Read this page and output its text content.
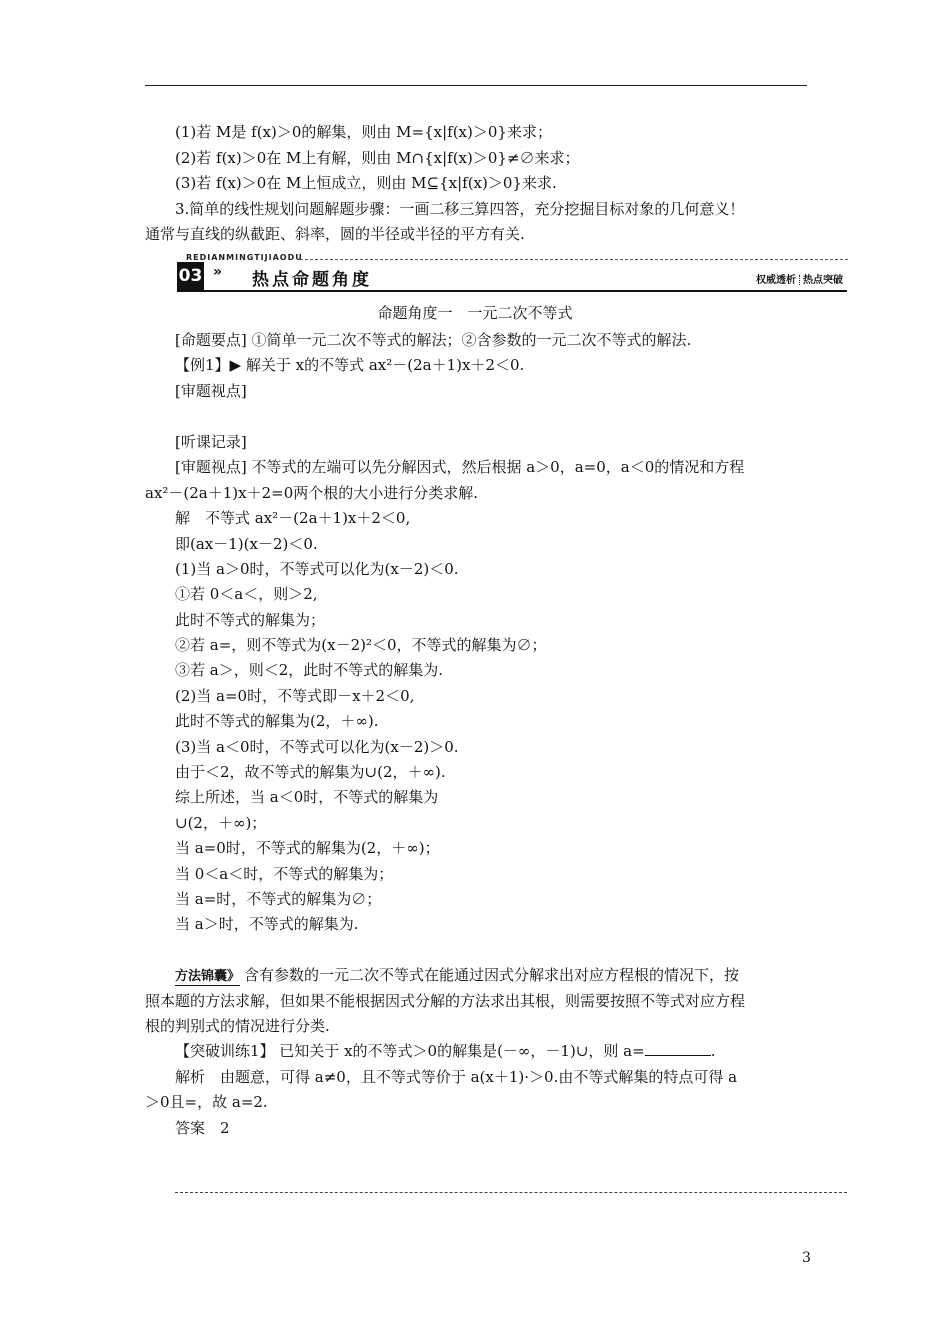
(1)若 M是 f(x)＞0的解集，则由 M={x|f(x)＞0}来求；
(2)若 f(x)＞0在 M上有解，则由 M∩{x|f(x)＞0}≠∅来求；
(3)若 f(x)＞0在 M上恒成立，则由 M⊆{x|f(x)＞0}来求.
3.简单的线性规划问题解题步骤：一画二移三算四答，充分挖掘目标对象的几何意义！
通常与直线的纵截距、斜率，圆的半径或半径的平方有关.
REDIANMINGTIJIAODU
03 » 热点命题角度	权威透析 热点突破
命题角度一　一元二次不等式
[命题要点] ①简单一元二次不等式的解法；②含参数的一元二次不等式的解法.
【例1】▶ 解关于 x的不等式 ax²－(2a＋1)x＋2＜0.
[审题视点]
[听课记录]
[审题视点] 不等式的左端可以先分解因式，然后根据 a＞0，a=0，a＜0的情况和方程
ax²－(2a＋1)x＋2=0两个根的大小进行分类求解.
解　不等式 ax²－(2a＋1)x＋2＜0,
即(ax－1)(x－2)＜0.
(1)当 a＞0时，不等式可以化为(x－2)＜0.
①若 0＜a＜，则＞2,
此时不等式的解集为；
②若 a=，则不等式为(x－2)²＜0，不等式的解集为∅；
③若 a＞，则＜2，此时不等式的解集为.
(2)当 a=0时，不等式即－x＋2＜0,
此时不等式的解集为(2，＋∞).
(3)当 a＜0时，不等式可以化为(x－2)＞0.
由于＜2，故不等式的解集为∪(2，＋∞).
综上所述，当 a＜0时，不等式的解集为
∪(2，＋∞)；
当 a=0时，不等式的解集为(2，＋∞)；
当 0＜a＜时，不等式的解集为；
当 a=时，不等式的解集为∅；
当 a＞时，不等式的解集为.
方法锦囊》 含有参数的一元二次不等式在能通过因式分解求出对应方程根的情况下，按
照本题的方法求解，但如果不能根据因式分解的方法求出其根，则需要按照不等式对应方程
根的判别式的情况进行分类.
【突破训练1】 已知关于 x的不等式＞0的解集是(－∞，－1)∪，则 a=	.
解析　由题意，可得 a≠0，且不等式等价于 a(x＋1)·＞0.由不等式解集的特点可得 a
＞0且=，故 a=2.
答案　2
3
